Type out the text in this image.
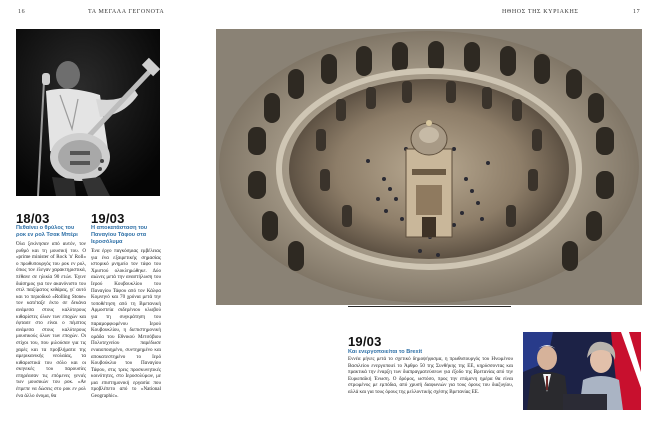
16	ΤΑ ΜΕΓΑΛΑ ΓΕΓΟΝΟΤΑ	ΗΘΗΟΣ ΤΗΣ ΚΥΡΙΑΚΗΣ	17
18/03
Πεθαίνει ο θρύλος του ροκ εν ρολ Τσακ Μπέρι
Όλα ξεκίνησαν από αυτόν, τον ρυθμό και τη μουσική του. Ο «prime minister of Rock 'n' Roll» ο πρωθυπουργός του ροκ εν ρολ, όπως τον έλεγαν χαρακτηριστικά, πέθανε σε ηλικία 90 ετών. Έγινε διάσημος για τον ακανόνιστο του στιλ παιξίματος κιθάρας, γι' αυτό και το περιοδικό «Rolling Stone» τον κατέταξε έκτο σε δεκάνα ανάμεσα στους καλύτερους κιθαρίστες όλων των εποχών και έφτασε στο είναι ο πέμπτος ανάμεσα στους καλύτερους μουσικούς όλων των εποχών. Οι στίχοι του, που μιλούσαν για τις χαρές και τα προβλήματα της αμερικανικής νεολαίας, τα κιθαριστικά του σόλο και οι σκηνικές του παρουσίες επηρέασαν τις επόμενες γενιές των μουσικών του ροκ. «Αν έπρεπε να δώσεις στο ροκ εν ρολ ένα άλλο όνομα, θα
19/03
Η αποκατάσταση του Παναγίου Τάφου στα Ιεροσόλυμα
Ένα έργο παγκόσμιας εμβέλειας για ένα εξαιρετικής σημασίας ιστορικό μνημείο τον τάφο του Χριστού ολοκληρώθηκε. Δύο αιώνες μετά την αναστήλωση του Ιερού Κουβουκλίου του Παναγίου Τάφου από τον Κάλφα Κομνηνό και 70 χρόνια μετά την τοποθέτηση από τη Βρετανική Αρμοστεία σιδερένιου κλωβού για τη συγκράτηση του παραμορφωμένου Ιερού Κουβουκλίου, η διεπιστημονική ομάδα του Εθνικού Μετσόβιου Πολυτεχνείου παρέδωσε ενιαιοποιημένο, συντηρημένο και αποκατεστημένο το Ιερό Κουβούκλιο του Παναγίου Τάφου, στις τρεις προσκυνητικές κοινότητες, στο Ιεροσολύμων, με μια επιστημονική εργασία που προβλέπετο από το «National Geographic».
19/03
Και ενεργοποιείται το Brexit
Εννέα μήνες μετά το σχετικό δημοψήφισμα, η πρωθυπουργός του Ηνωμένου Βασιλείου ενεργοποιεί το Άρθρο 50 της Συνθήκης της ΕΕ, κηρύσσοντας και πρακτικά την έναρξη των διαπραγματεύσεων για έξοδο της Βρετανίας από την Ευρωπαϊκή Ένωση. Ο δρόμος, ωστόσο, προς την επόμενη ημέρα θα είναι στρωμένος με εμπόδια, από χρυσή διαφωνιών για τους όρους του διαζυγίου, αλλά και για τους όρους της μελλοντικής σχέσης Βρετανίας ΕΕ.
